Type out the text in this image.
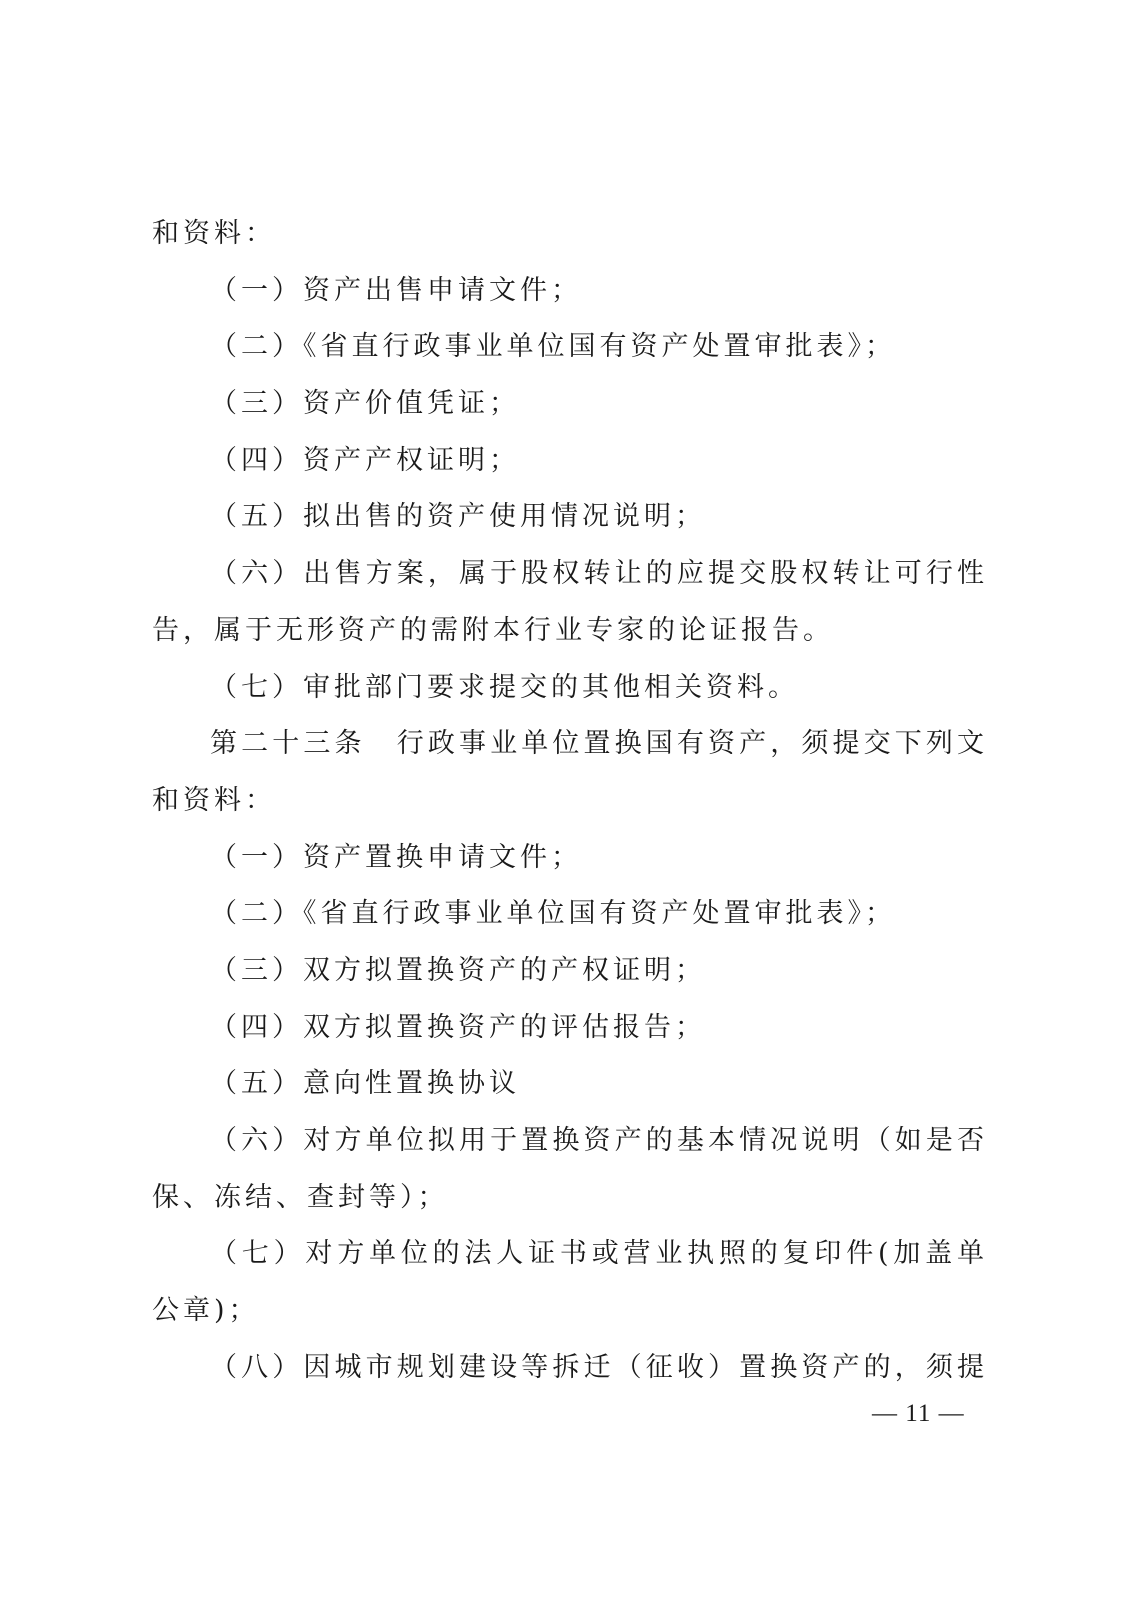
和资料：
（一）资产出售申请文件；
（二）《省直行政事业单位国有资产处置审批表》；
（三）资产价值凭证；
（四）资产产权证明；
（五）拟出售的资产使用情况说明；
（六）出售方案，属于股权转让的应提交股权转让可行性
告，属于无形资产的需附本行业专家的论证报告。
（七）审批部门要求提交的其他相关资料。
第二十三条　行政事业单位置换国有资产，须提交下列文
和资料：
（一）资产置换申请文件；
（二）《省直行政事业单位国有资产处置审批表》；
（三）双方拟置换资产的产权证明；
（四）双方拟置换资产的评估报告；
（五）意向性置换协议
（六）对方单位拟用于置换资产的基本情况说明（如是否
保、冻结、查封等）；
（七）对方单位的法人证书或营业执照的复印件(加盖单
公章)；
（八）因城市规划建设等拆迁（征收）置换资产的，须提
— 11 —
